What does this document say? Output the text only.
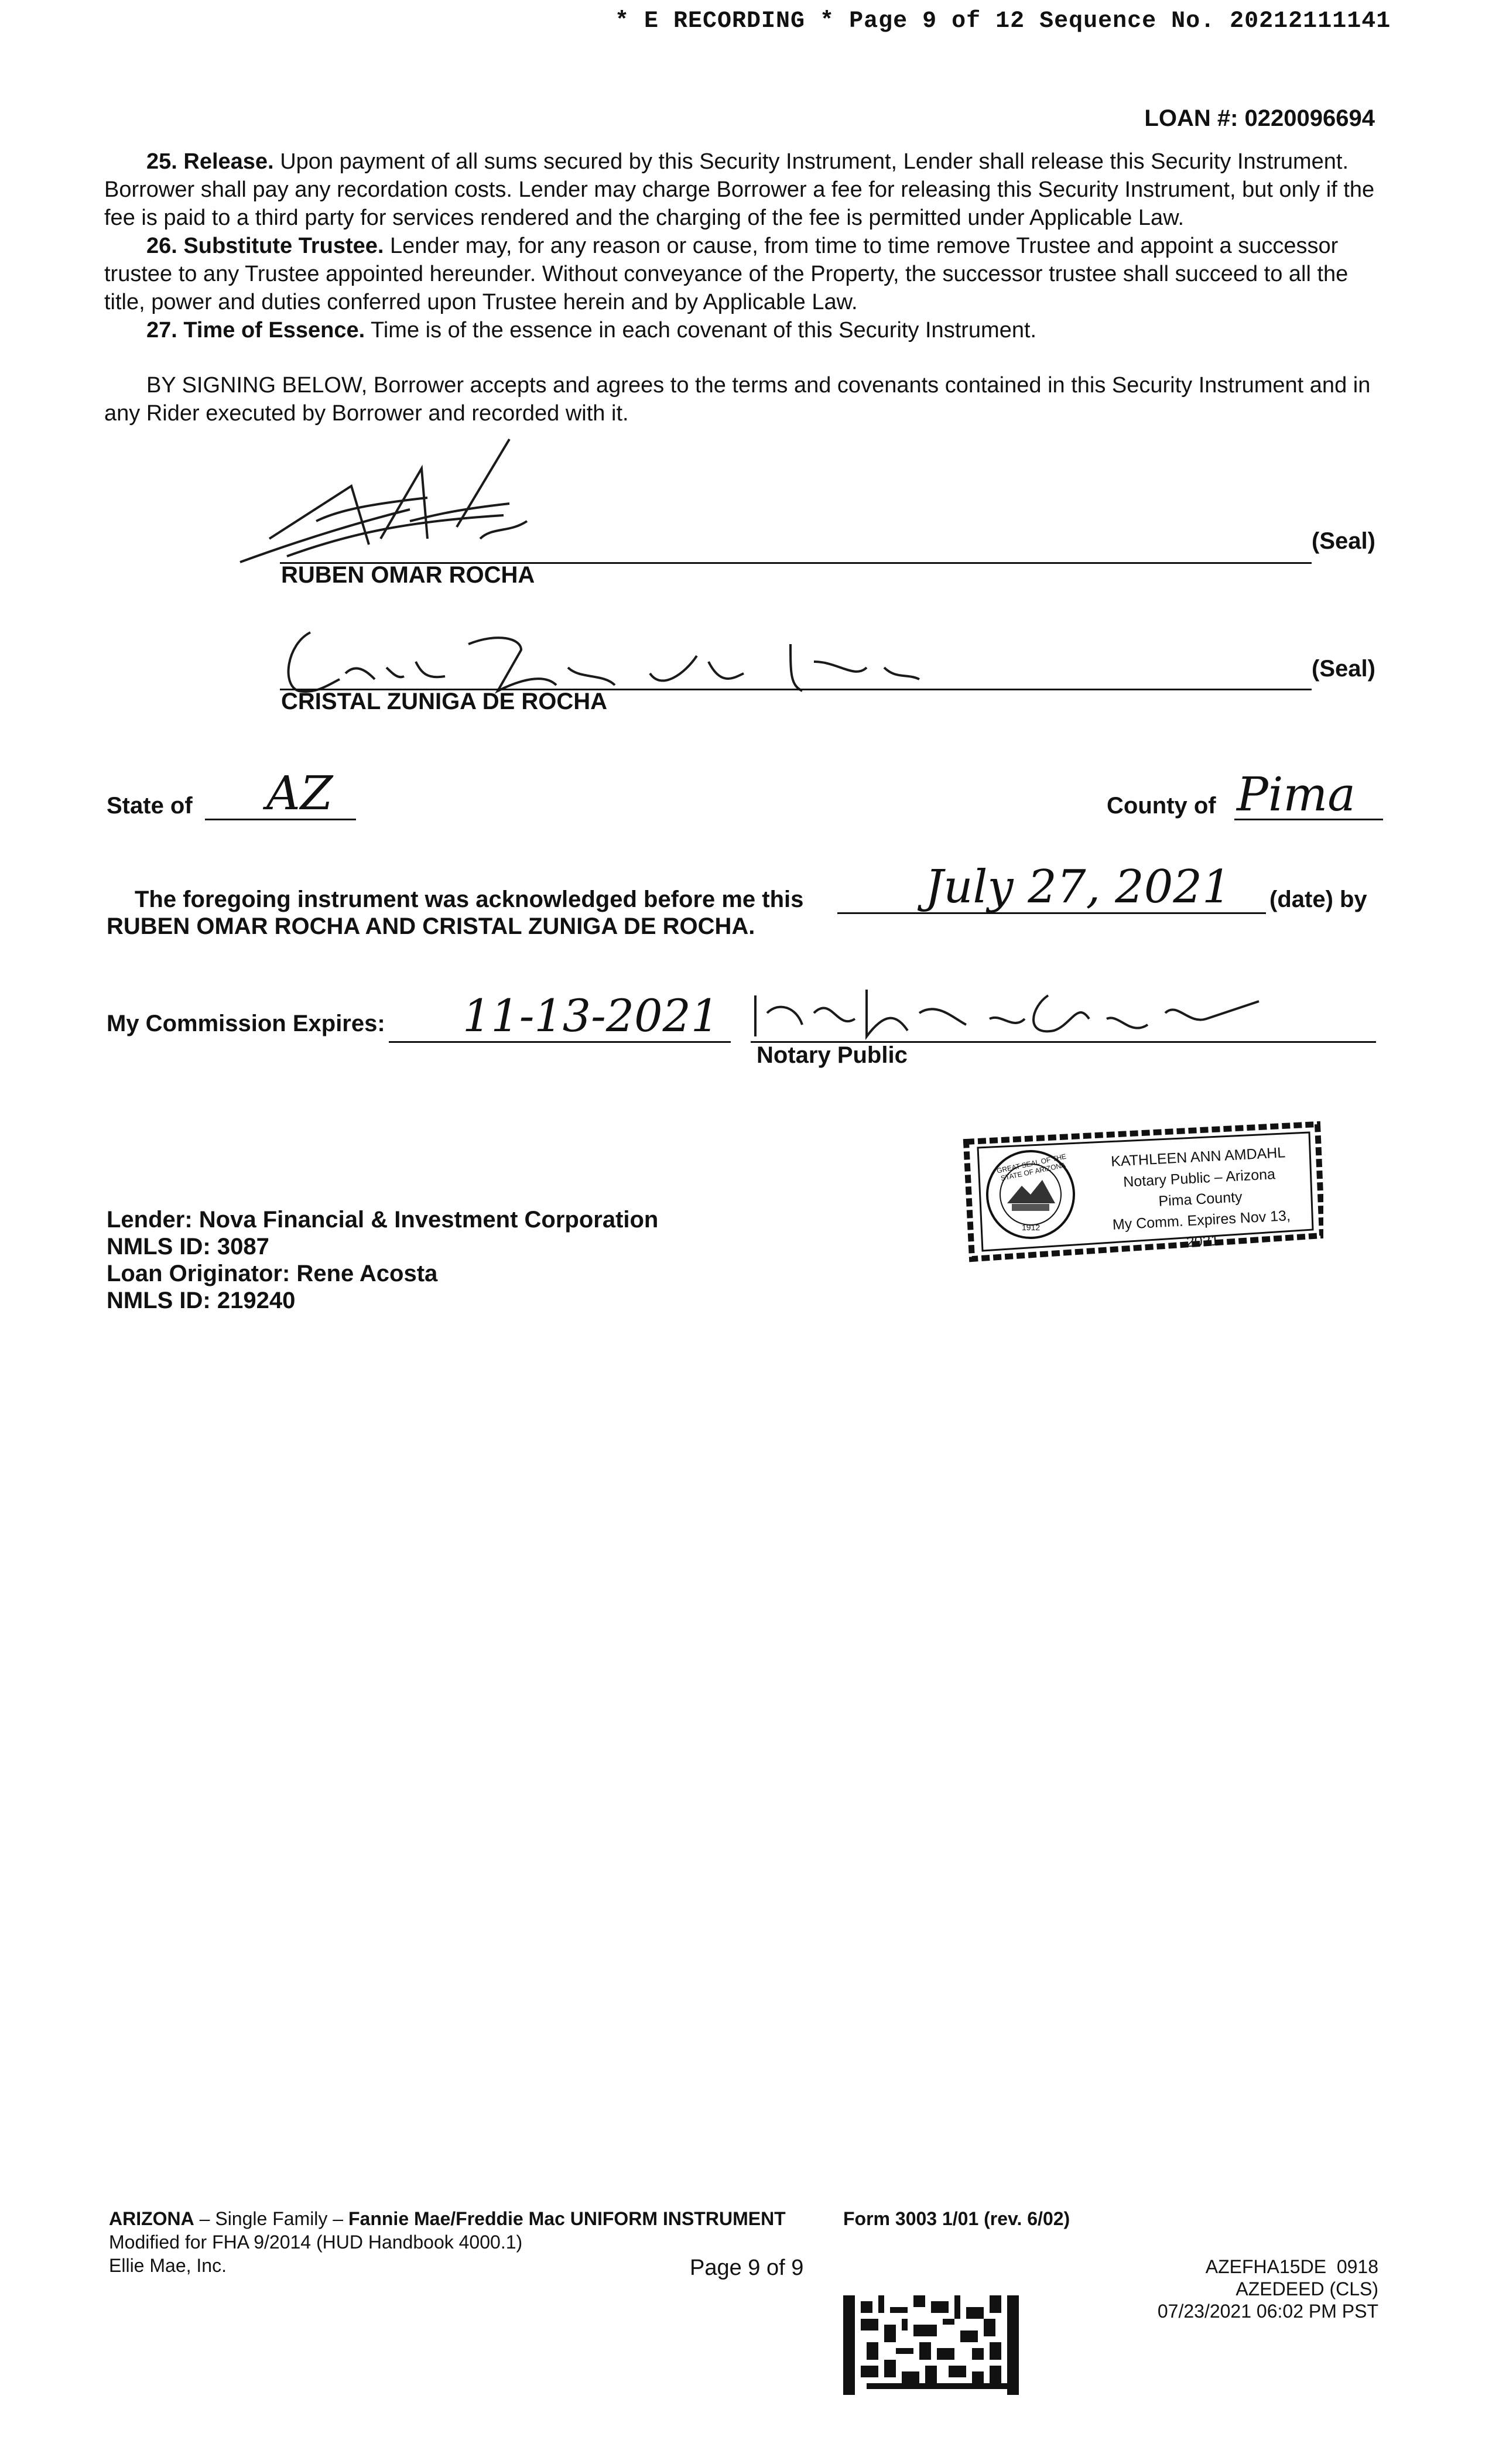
* E RECORDING * Page 9 of 12 Sequence No. 20212111141
LOAN #: 0220096694

25. Release. Upon payment of all sums secured by this Security Instrument, Lender shall release this Security Instrument. Borrower shall pay any recordation costs. Lender may charge Borrower a fee for releasing this Security Instrument, but only if the fee is paid to a third party for services rendered and the charging of the fee is permitted under Applicable Law.

26. Substitute Trustee. Lender may, for any reason or cause, from time to time remove Trustee and appoint a successor trustee to any Trustee appointed hereunder. Without conveyance of the Property, the successor trustee shall succeed to all the title, power and duties conferred upon Trustee herein and by Applicable Law.

27. Time of Essence. Time is of the essence in each covenant of this Security Instrument.

BY SIGNING BELOW, Borrower accepts and agrees to the terms and covenants contained in this Security Instrument and in any Rider executed by Borrower and recorded with it.

(Seal)
RUBEN OMAR ROCHA
(Seal)
CRISTAL ZUNIGA DE ROCHA
State of AZ	County of Pima
The foregoing instrument was acknowledged before me this	July 27, 2021 (date) by
RUBEN OMAR ROCHA AND CRISTAL ZUNIGA DE ROCHA.
My Commission Expires: 11-13-2021
Notary Public
GREAT SEAL OF THE STATE OF ARIZONA
1912
KATHLEEN ANN AMDAHL
Notary Public – Arizona
Pima County
My Comm. Expires Nov 13, 2021
Lender: Nova Financial & Investment Corporation
NMLS ID: 3087
Loan Originator: Rene Acosta
NMLS ID: 219240
ARIZONA – Single Family – Fannie Mae/Freddie Mac UNIFORM INSTRUMENT	Form 3003 1/01 (rev. 6/02)
Modified for FHA 9/2014 (HUD Handbook 4000.1)
Ellie Mae, Inc.	Page 9 of 9	AZEFHA15DE  0918
AZEDEED (CLS)
07/23/2021 06:02 PM PST
